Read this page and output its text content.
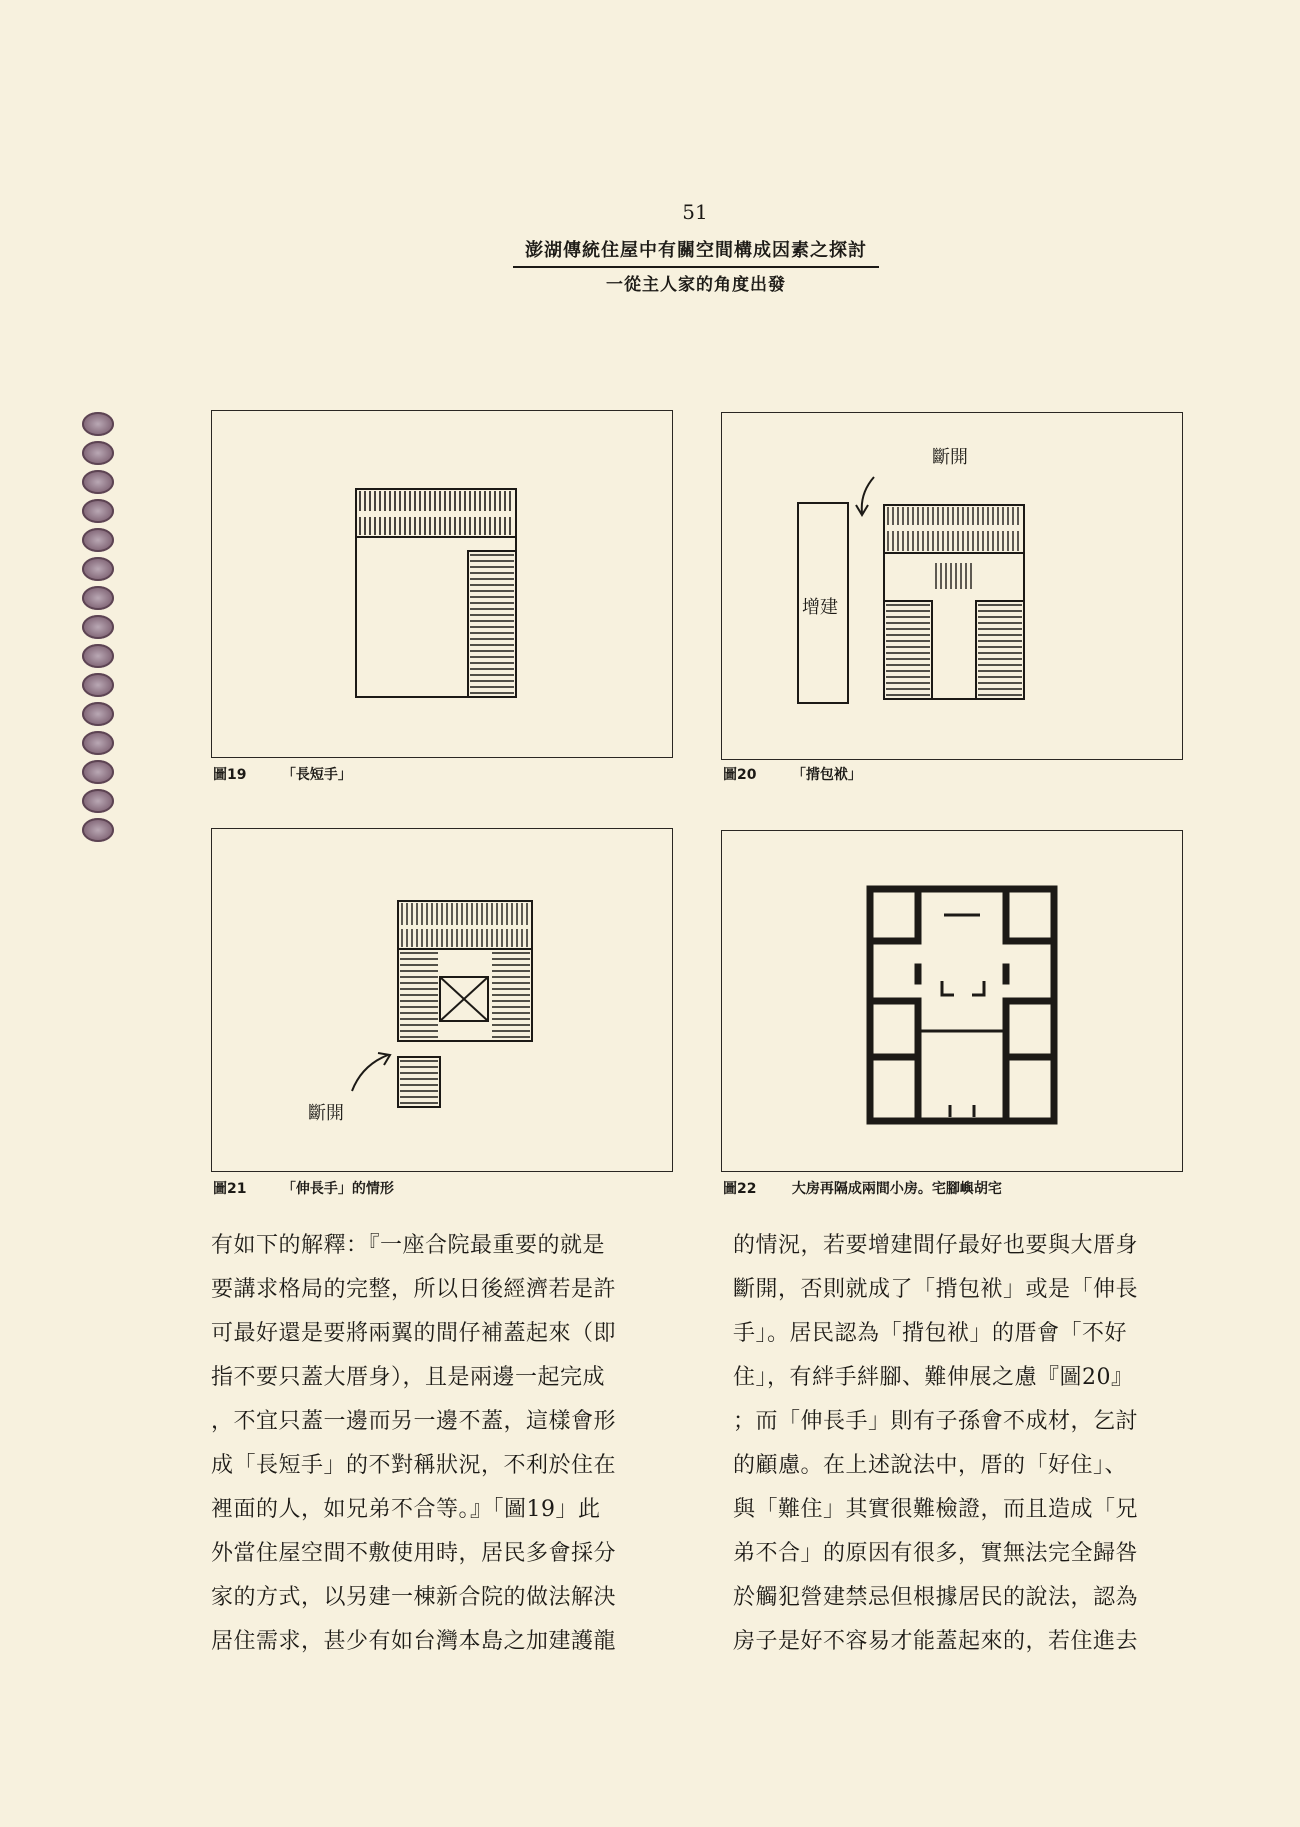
51
澎湖傳統住屋中有關空間構成因素之探討
一從主人家的角度出發
圖19	「長短手」
斷開
增建
圖20	「揹包袱」
斷開
圖21	「伸長手」的情形	圖22	大房再隔成兩間小房。宅腳嶼胡宅

有如下的解釋：『一座合院最重要的就是

要講求格局的完整，所以日後經濟若是許

可最好還是要將兩翼的間仔補蓋起來（即

指不要只蓋大厝身），且是兩邊一起完成

，不宜只蓋一邊而另一邊不蓋，這樣會形

成「長短手」的不對稱狀況，不利於住在

裡面的人，如兄弟不合等。』「圖19」此

外當住屋空間不敷使用時，居民多會採分

家的方式，以另建一棟新合院的做法解決

居住需求，甚少有如台灣本島之加建護龍

的情況，若要增建間仔最好也要與大厝身

斷開，否則就成了「揹包袱」或是「伸長

手」。居民認為「揹包袱」的厝會「不好

住」，有絆手絆腳、難伸展之慮『圖20』

；而「伸長手」則有子孫會不成材，乞討

的顧慮。在上述說法中，厝的「好住」、

與「難住」其實很難檢證，而且造成「兄

弟不合」的原因有很多，實無法完全歸咎

於觸犯營建禁忌但根據居民的說法，認為

房子是好不容易才能蓋起來的，若住進去
